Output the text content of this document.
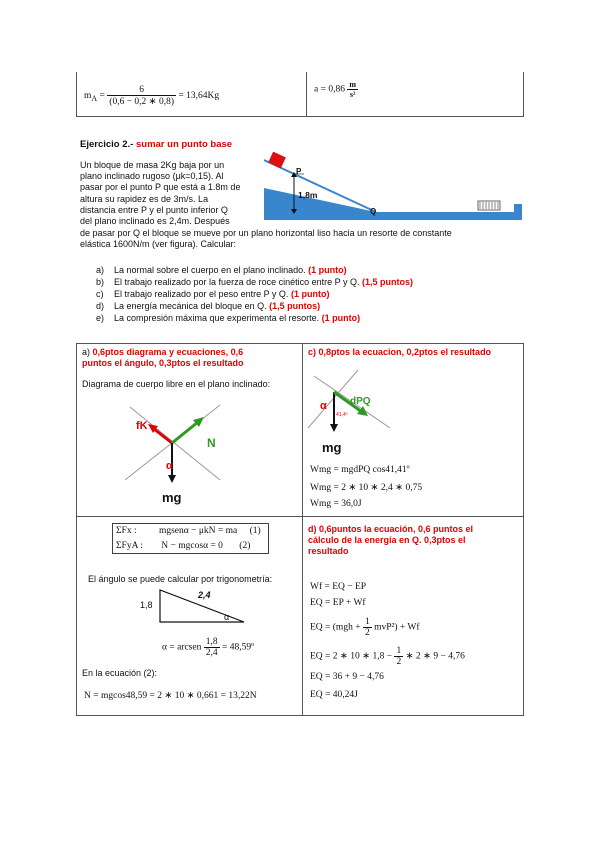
$m_A = \frac{6}{(0,6 - 0,2 ∗ 0,8)} = 13,64Kg$
$a = 0,86 \frac{m}{\text{s²}}$
Ejercicio 2.- sumar un punto base
Un bloque de masa 2Kg baja por un
plano inclinado rugoso (μk=0,15). Al
pasar por el punto P que está a 1.8m de
altura su rapidez es de 3m/s. La
distancia entre P y el punto inferior Q
del plano inclinado es 2,4m. Después
de pasar por Q el bloque se mueve por un plano horizontal liso hacia un resorte de constante
elástica 1600N/m (ver figura). Calcular:
P
1,8m
Q
a) La normal sobre el cuerpo en el plano inclinado. (1 punto)
b) El trabajo realizado por la fuerza de roce cinético entre P y Q. (1,5 puntos)
c) El trabajo realizado por el peso entre P y Q. (1 punto)
d) La energía mecánica del bloque en Q. (1,5 puntos)
e) La compresión máxima que experimenta el resorte. (1 punto)
a) 0,6ptos diagrama y ecuaciones, 0,6
puntos el ángulo, 0,3ptos el resultado
Diagrama de cuerpo libre en el plano inclinado:
fK
N
α
mg
ΣFx : mgsenα − μkN = ma (1)
ΣFyA : N − mgcosα = 0 (2)
El ángulo se puede calcular por trigonometría:
1,8
2,4
α
α = arcsen $\frac{1,8}{2,4}$ = 48,59º
En la ecuación (2):
N = mgcos48,59 = 2 ∗ 10 ∗ 0,661 = 13,22N
c) 0,8ptos la ecuacion, 0,2ptos el resultado
α
41,4º
dPQ
mg
Wmg = mgdPQ cos41,41º
Wmg = 2 ∗ 10 ∗ 2,4 ∗ 0,75
Wmg = 36,0J
d) 0,6puntos la ecuación, 0,6 puntos el
cálculo de la energía en Q. 0,3ptos el
resultado
Wf = EQ − EP
EQ = EP + Wf
EQ = $(mgh + \frac{1}{2} mvP^2) + Wf$
EQ = 2 ∗ 10 ∗ $1,8 - \frac{1}{2}$ ∗ 2 ∗ 9 − 4,76
EQ = 36 + 9 − 4,76
EQ = 40,24J
